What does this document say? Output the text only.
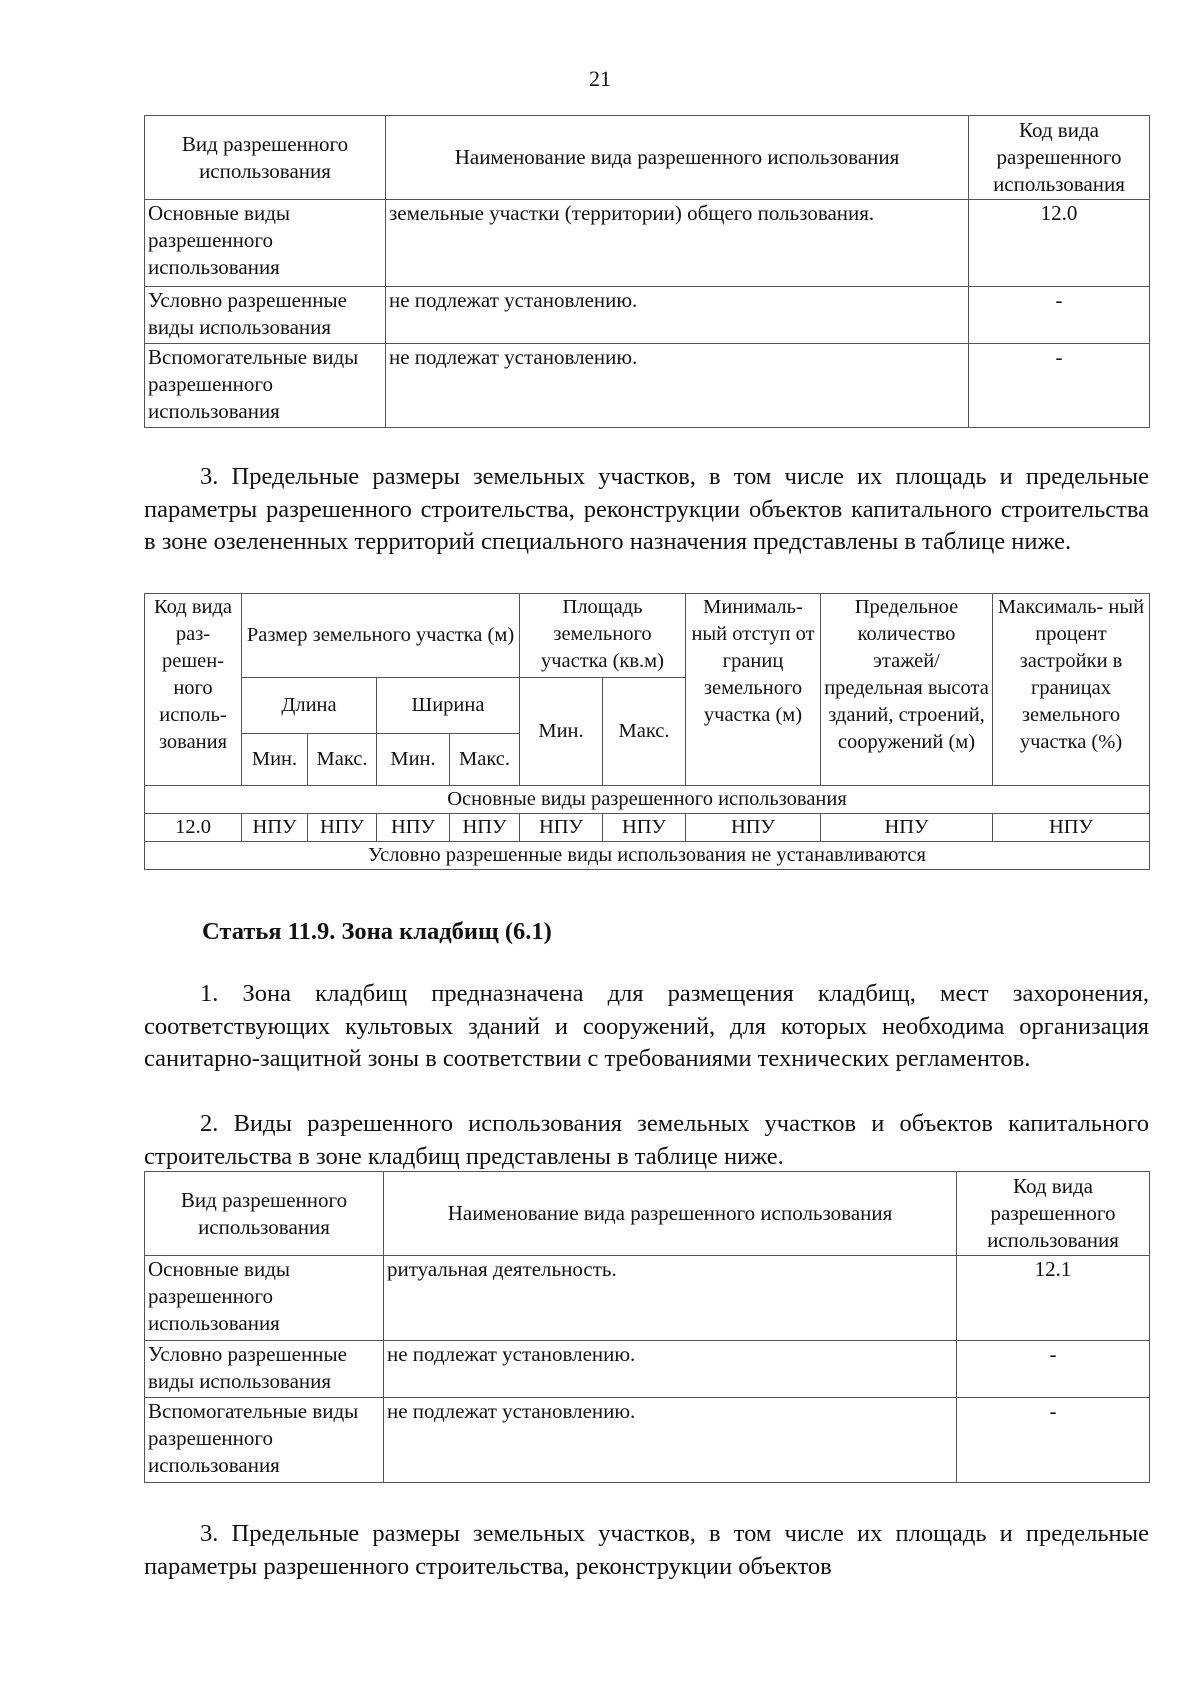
21
Вид разрешенного использования	Наименование вида разрешенного использования	Код вида разрешенного использования
Основные виды разрешенного использования	земельные участки (территории) общего пользования.	12.0
Условно разрешенные виды использования	не подлежат установлению.	-
Вспомогательные виды разрешенного использования	не подлежат установлению.	-
3. Предельные размеры земельных участков, в том числе их площадь и предельные параметры разрешенного строительства, реконструкции объектов капитального строительства в зоне озелененных территорий специального назначения представлены в таблице ниже.
Код вида раз- решен- ного исполь- зования	Размер земельного участка (м)				Площадь земельного участка (кв.м)		Минималь- ный отступ от границ земельного участка (м)	Предельное количество этажей/ предельная высота зданий, строений, сооружений (м)	Максималь- ный процент застройки в границах земельного участка (%)
	Длина		Ширина		Мин.	Макс.			
	Мин.	Макс.	Мин.	Макс.					
Основные виды разрешенного использования									
12.0	НПУ	НПУ	НПУ	НПУ	НПУ	НПУ	НПУ	НПУ	НПУ
Условно разрешенные виды использования не устанавливаются									
Статья 11.9. Зона кладбищ (6.1)
1. Зона кладбищ предназначена для размещения кладбищ, мест захоронения, соответствующих культовых зданий и сооружений, для которых необходима организация санитарно-защитной зоны в соответствии с требованиями технических регламентов.
2. Виды разрешенного использования земельных участков и объектов капитального строительства в зоне кладбищ представлены в таблице ниже.
Вид разрешенного использования	Наименование вида разрешенного использования	Код вида разрешенного использования
Основные виды разрешенного использования	ритуальная деятельность.	12.1
Условно разрешенные виды использования	не подлежат установлению.	-
Вспомогательные виды разрешенного использования	не подлежат установлению.	-
3. Предельные размеры земельных участков, в том числе их площадь и предельные параметры разрешенного строительства, реконструкции объектов
